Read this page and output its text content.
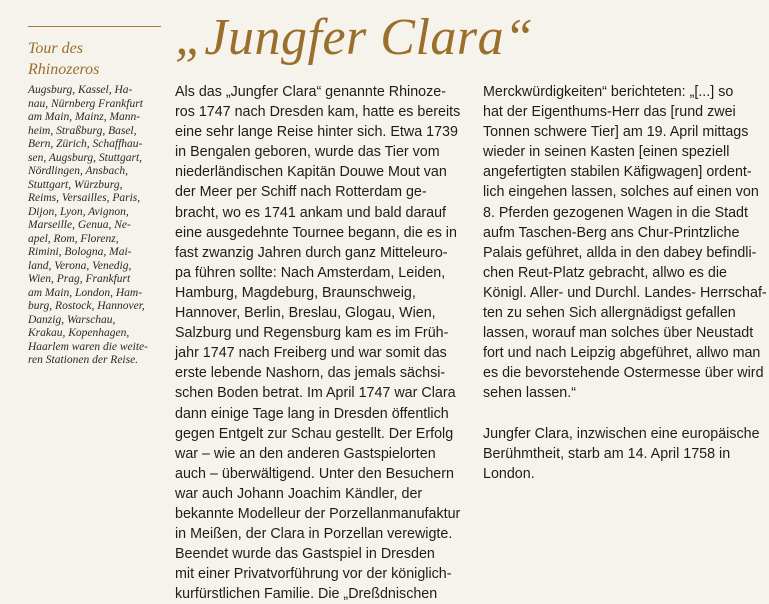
Tour des
Rhinozeros
Augsburg, Kassel, Ha-
nau, Nürnberg Frankfurt
am Main, Mainz, Mann-
heim, Straßburg, Basel,
Bern, Zürich, Schaffhau-
sen, Augsburg, Stuttgart,
Nördlingen, Ansbach,
Stuttgart, Würzburg,
Reims, Versailles, Paris,
Dijon, Lyon, Avignon,
Marseille, Genua, Ne-
apel, Rom, Florenz,
Rimini, Bologna, Mai-
land, Verona, Venedig,
Wien, Prag, Frankfurt
am Main, London, Ham-
burg, Rostock, Hannover,
Danzig, Warschau,
Krakau, Kopenhagen,
Haarlem waren die weite-
ren Stationen der Reise.
„Jungfer Clara“
Als das „Jungfer Clara“ genannte Rhinoze-
ros 1747 nach Dresden kam, hatte es bereits
eine sehr lange Reise hinter sich. Etwa 1739
in Bengalen geboren, wurde das Tier vom
niederländischen Kapitän Douwe Mout van
der Meer per Schiff nach Rotterdam ge-
bracht, wo es 1741 ankam und bald darauf
eine ausgedehnte Tournee begann, die es in
fast zwanzig Jahren durch ganz Mitteleuro-
pa führen sollte: Nach Amsterdam, Leiden,
Hamburg, Magdeburg, Braunschweig,
Hannover, Berlin, Breslau, Glogau, Wien,
Salzburg und Regensburg kam es im Früh-
jahr 1747 nach Freiberg und war somit das
erste lebende Nashorn, das jemals sächsi-
schen Boden betrat. Im April 1747 war Clara
dann einige Tage lang in Dresden öffentlich
gegen Entgelt zur Schau gestellt. Der Erfolg
war – wie an den anderen Gastspielorten
auch – überwältigend. Unter den Besuchern
war auch Johann Joachim Kändler, der
bekannte Modelleur der Porzellanmanufaktur
in Meißen, der Clara in Porzellan verewigte.
Beendet wurde das Gastspiel in Dresden
mit einer Privatvorführung vor der königlich-
kurfürstlichen Familie. Die „Dreßdnischen
Merckwürdigkeiten“ berichteten: „[...] so
hat der Eigenthums-Herr das [rund zwei
Tonnen schwere Tier] am 19. April mittags
wieder in seinen Kasten [einen speziell
angefertigten stabilen Käfigwagen] ordent-
lich eingehen lassen, solches auf einen von
8. Pferden gezogenen Wagen in die Stadt
aufm Taschen-Berg ans Chur-Printzliche
Palais geführet, allda in den dabey befindli-
chen Reut-Platz gebracht, allwo es die
Königl. Aller- und Durchl. Landes- Herrschaf-
ten zu sehen Sich allergnädigst gefallen
lassen, worauf man solches über Neustadt
fort und nach Leipzig abgeführet, allwo man
es die bevorstehende Ostermesse über wird
sehen lassen.“
Jungfer Clara, inzwischen eine europäische
Berühmtheit, starb am 14. April 1758 in
London.
